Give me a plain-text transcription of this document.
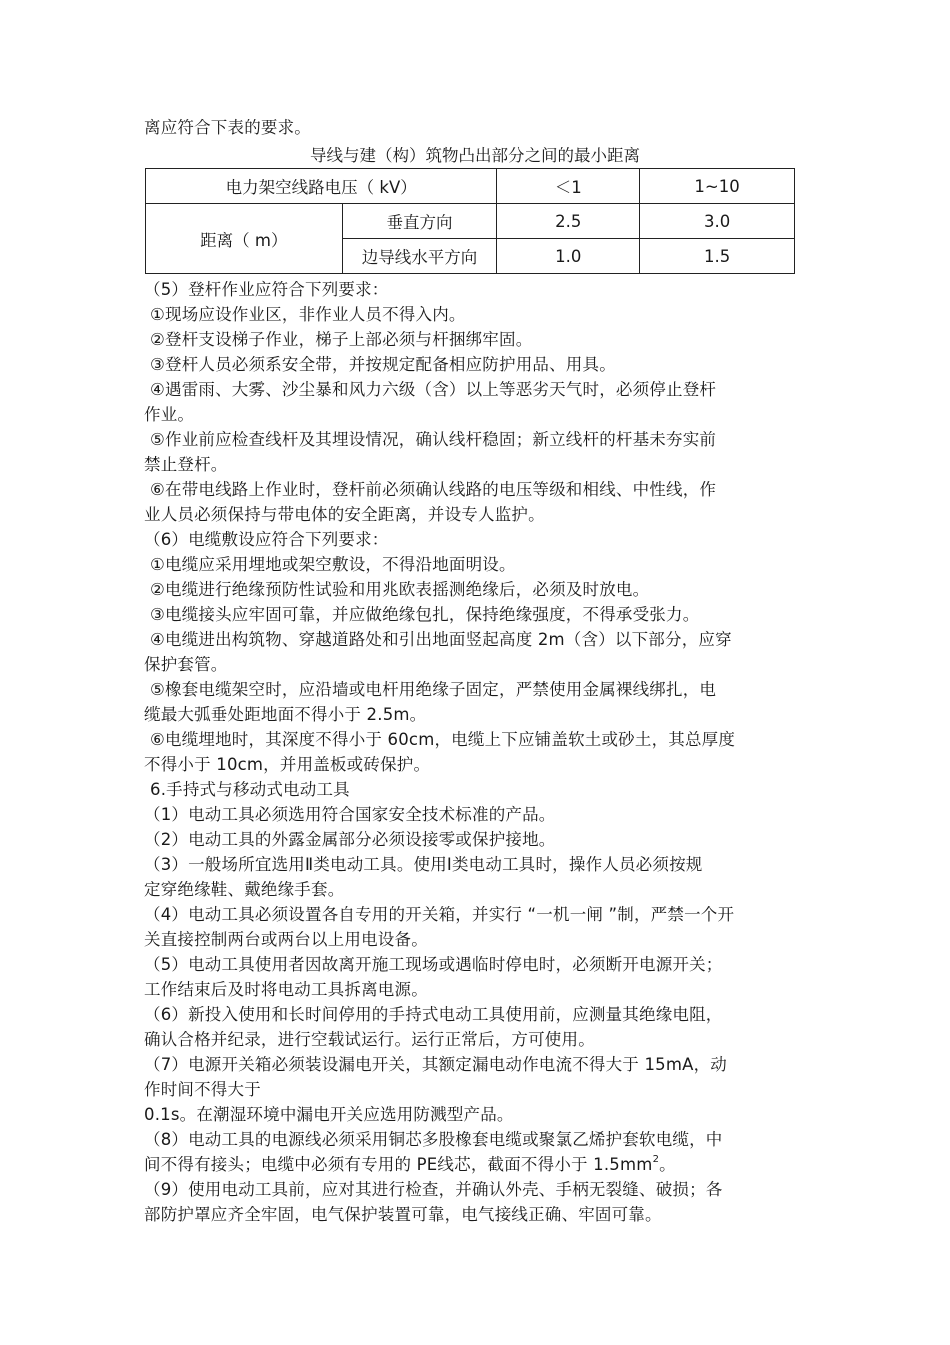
离应符合下表的要求。
导线与建（构）筑物凸出部分之间的最小距离
电力架空线路电压（ kV）		＜1	1~10
距离（ m）	垂直方向	2.5	3.0
	边导线水平方向	1.0	1.5
（5）登杆作业应符合下列要求：
①现场应设作业区，非作业人员不得入内。
②登杆支设梯子作业，梯子上部必须与杆捆绑牢固。
③登杆人员必须系安全带，并按规定配备相应防护用品、用具。
④遇雷雨、大雾、沙尘暴和风力六级（含）以上等恶劣天气时，必须停止登杆
作业。
⑤作业前应检查线杆及其埋设情况，确认线杆稳固；新立线杆的杆基未夯实前
禁止登杆。
⑥在带电线路上作业时，登杆前必须确认线路的电压等级和相线、中性线，作
业人员必须保持与带电体的安全距离，并设专人监护。
（6）电缆敷设应符合下列要求：
①电缆应采用埋地或架空敷设，不得沿地面明设。
②电缆进行绝缘预防性试验和用兆欧表摇测绝缘后，必须及时放电。
③电缆接头应牢固可靠，并应做绝缘包扎，保持绝缘强度，不得承受张力。
④电缆进出构筑物、穿越道路处和引出地面竖起高度 2m（含）以下部分，应穿
保护套管。
⑤橡套电缆架空时，应沿墙或电杆用绝缘子固定，严禁使用金属裸线绑扎，电
缆最大弧垂处距地面不得小于 2.5m。
⑥电缆埋地时，其深度不得小于 60cm，电缆上下应铺盖软土或砂土，其总厚度
不得小于 10cm，并用盖板或砖保护。
6.手持式与移动式电动工具
（1）电动工具必须选用符合国家安全技术标准的产品。
（2）电动工具的外露金属部分必须设接零或保护接地。
（3）一般场所宜选用Ⅱ类电动工具。使用Ⅰ类电动工具时，操作人员必须按规
定穿绝缘鞋、戴绝缘手套。
（4）电动工具必须设置各自专用的开关箱，并实行 “一机一闸 ”制，严禁一个开
关直接控制两台或两台以上用电设备。
（5）电动工具使用者因故离开施工现场或遇临时停电时，必须断开电源开关；
工作结束后及时将电动工具拆离电源。
（6）新投入使用和长时间停用的手持式电动工具使用前，应测量其绝缘电阻，
确认合格并纪录，进行空载试运行。运行正常后，方可使用。
（7）电源开关箱必须装设漏电开关，其额定漏电动作电流不得大于 15mA，动
作时间不得大于
0.1s。在潮湿环境中漏电开关应选用防溅型产品。
（8）电动工具的电源线必须采用铜芯多股橡套电缆或聚氯乙烯护套软电缆，中
间不得有接头；电缆中必须有专用的 PE线芯，截面不得小于 $1.5mm^2$。
（9）使用电动工具前，应对其进行检查，并确认外壳、手柄无裂缝、破损；各
部防护罩应齐全牢固，电气保护装置可靠，电气接线正确、牢固可靠。
